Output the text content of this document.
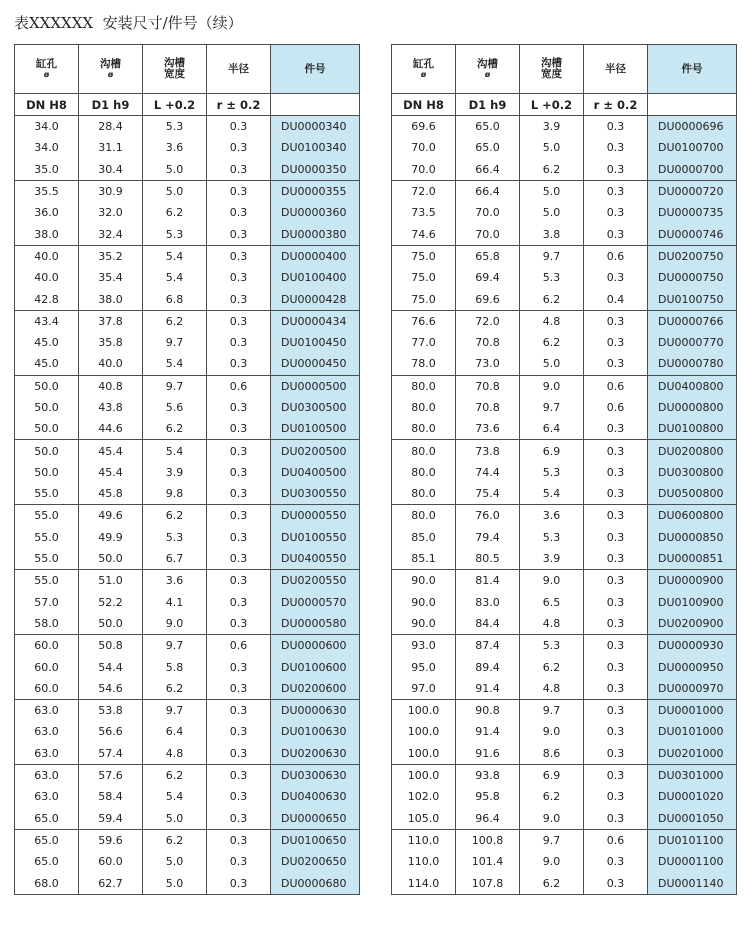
表XXXXXX  安装尺寸/件号（续）
缸孔
ø	沟槽
ø	沟槽
宽度	半径	件号
DN H8	D1 h9	L +0.2	r ± 0.2	
34.0	28.4	5.3	0.3	DU0000340
34.0	31.1	3.6	0.3	DU0100340
35.0	30.4	5.0	0.3	DU0000350
35.5	30.9	5.0	0.3	DU0000355
36.0	32.0	6.2	0.3	DU0000360
38.0	32.4	5.3	0.3	DU0000380
40.0	35.2	5.4	0.3	DU0000400
40.0	35.4	5.4	0.3	DU0100400
42.8	38.0	6.8	0.3	DU0000428
43.4	37.8	6.2	0.3	DU0000434
45.0	35.8	9.7	0.3	DU0100450
45.0	40.0	5.4	0.3	DU0000450
50.0	40.8	9.7	0.6	DU0000500
50.0	43.8	5.6	0.3	DU0300500
50.0	44.6	6.2	0.3	DU0100500
50.0	45.4	5.4	0.3	DU0200500
50.0	45.4	3.9	0.3	DU0400500
55.0	45.8	9.8	0.3	DU0300550
55.0	49.6	6.2	0.3	DU0000550
55.0	49.9	5.3	0.3	DU0100550
55.0	50.0	6.7	0.3	DU0400550
55.0	51.0	3.6	0.3	DU0200550
57.0	52.2	4.1	0.3	DU0000570
58.0	50.0	9.0	0.3	DU0000580
60.0	50.8	9.7	0.6	DU0000600
60.0	54.4	5.8	0.3	DU0100600
60.0	54.6	6.2	0.3	DU0200600
63.0	53.8	9.7	0.3	DU0000630
63.0	56.6	6.4	0.3	DU0100630
63.0	57.4	4.8	0.3	DU0200630
63.0	57.6	6.2	0.3	DU0300630
63.0	58.4	5.4	0.3	DU0400630
65.0	59.4	5.0	0.3	DU0000650
65.0	59.6	6.2	0.3	DU0100650
65.0	60.0	5.0	0.3	DU0200650
68.0	62.7	5.0	0.3	DU0000680
缸孔
ø	沟槽
ø	沟槽
宽度	半径	件号
DN H8	D1 h9	L +0.2	r ± 0.2	
69.6	65.0	3.9	0.3	DU0000696
70.0	65.0	5.0	0.3	DU0100700
70.0	66.4	6.2	0.3	DU0000700
72.0	66.4	5.0	0.3	DU0000720
73.5	70.0	5.0	0.3	DU0000735
74.6	70.0	3.8	0.3	DU0000746
75.0	65.8	9.7	0.6	DU0200750
75.0	69.4	5.3	0.3	DU0000750
75.0	69.6	6.2	0.4	DU0100750
76.6	72.0	4.8	0.3	DU0000766
77.0	70.8	6.2	0.3	DU0000770
78.0	73.0	5.0	0.3	DU0000780
80.0	70.8	9.0	0.6	DU0400800
80.0	70.8	9.7	0.6	DU0000800
80.0	73.6	6.4	0.3	DU0100800
80.0	73.8	6.9	0.3	DU0200800
80.0	74.4	5.3	0.3	DU0300800
80.0	75.4	5.4	0.3	DU0500800
80.0	76.0	3.6	0.3	DU0600800
85.0	79.4	5.3	0.3	DU0000850
85.1	80.5	3.9	0.3	DU0000851
90.0	81.4	9.0	0.3	DU0000900
90.0	83.0	6.5	0.3	DU0100900
90.0	84.4	4.8	0.3	DU0200900
93.0	87.4	5.3	0.3	DU0000930
95.0	89.4	6.2	0.3	DU0000950
97.0	91.4	4.8	0.3	DU0000970
100.0	90.8	9.7	0.3	DU0001000
100.0	91.4	9.0	0.3	DU0101000
100.0	91.6	8.6	0.3	DU0201000
100.0	93.8	6.9	0.3	DU0301000
102.0	95.8	6.2	0.3	DU0001020
105.0	96.4	9.0	0.3	DU0001050
110.0	100.8	9.7	0.6	DU0101100
110.0	101.4	9.0	0.3	DU0001100
114.0	107.8	6.2	0.3	DU0001140
